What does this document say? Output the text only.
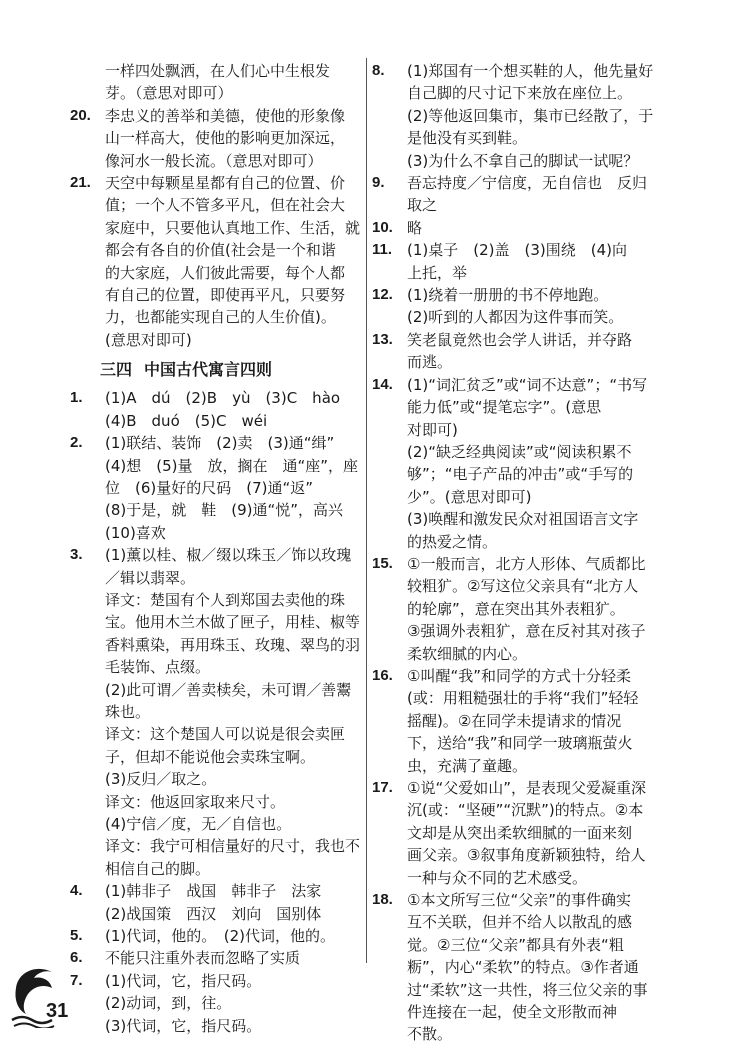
一样四处飘洒，在人们心中生根发
芽。（意思对即可）
20. 李忠义的善举和美德，使他的形象像
山一样高大，使他的影响更加深远，
像河水一般长流。（意思对即可）
21. 天空中每颗星星都有自己的位置、价
值；一个人不管多平凡，但在社会大
家庭中，只要他认真地工作、生活，就
都会有各自的价值(社会是一个和谐
的大家庭，人们彼此需要，每个人都
有自己的位置，即使再平凡，只要努
力，也都能实现自己的人生价值)。
(意思对即可)
三四 中国古代寓言四则
1.	(1)A　dú　(2)B　yù　(3)C　hào
(4)B　duó　(5)C　wéi
2.	(1)联结、装饰　(2)卖　(3)通“缉”
(4)想　(5)量　放，搁在　通“座”，座
位　(6)量好的尺码　(7)通“返”
(8)于是，就　鞋　(9)通“悦”，高兴
(10)喜欢
3.	(1)薰以桂、椒／缀以珠玉／饰以玫瑰
／辑以翡翠。
译文：楚国有个人到郑国去卖他的珠
宝。他用木兰木做了匣子，用桂、椒等
香料熏染，再用珠玉、玫瑰、翠鸟的羽
毛装饰、点缀。
(2)此可谓／善卖椟矣，未可谓／善鬻
珠也。
译文：这个楚国人可以说是很会卖匣
子，但却不能说他会卖珠宝啊。
(3)反归／取之。
译文：他返回家取来尺寸。
(4)宁信／度，无／自信也。
译文：我宁可相信量好的尺寸，我也不
相信自己的脚。
4.	(1)韩非子　战国　韩非子　法家
(2)战国策　西汉　刘向　国别体
5.	(1)代词，他的。　(2)代词，他的。
6.	不能只注重外表而忽略了实质
7.	(1)代词，它，指尺码。
(2)动词，到，往。
(3)代词，它，指尺码。
8.	(1)郑国有一个想买鞋的人，他先量好
自己脚的尺寸记下来放在座位上。
(2)等他返回集市，集市已经散了，于
是他没有买到鞋。
(3)为什么不拿自己的脚试一试呢？
9.	吾忘持度／宁信度，无自信也　反归
取之
10. 略
11. (1)桌子　(2)盖　(3)围绕　(4)向
上托，举
12. (1)绕着一册册的书不停地跑。
(2)听到的人都因为这件事而笑。
13. 笑老鼠竟然也会学人讲话，并夺路
而逃。
14. (1)“词汇贫乏”或“词不达意”；“书写
能力低”或“提笔忘字”。(意思
对即可)
(2)“缺乏经典阅读”或“阅读积累不
够”；“电子产品的冲击”或“手写的
少”。(意思对即可)
(3)唤醒和激发民众对祖国语言文字
的热爱之情。
15. ①一般而言，北方人形体、气质都比
较粗犷。②写这位父亲具有“北方人
的轮廓”，意在突出其外表粗犷。
③强调外表粗犷，意在反衬其对孩子
柔软细腻的内心。
16. ①叫醒“我”和同学的方式十分轻柔
(或：用粗糙强壮的手将“我们”轻轻
摇醒)。②在同学未提请求的情况
下，送给“我”和同学一玻璃瓶萤火
虫，充满了童趣。
17. ①说“父爱如山”，是表现父爱凝重深
沉(或：“坚硬”“沉默”)的特点。②本
文却是从突出柔软细腻的一面来刻
画父亲。③叙事角度新颖独特，给人
一种与众不同的艺术感受。
18. ①本文所写三位“父亲”的事件确实
互不关联，但并不给人以散乱的感
觉。②三位“父亲”都具有外表“粗
粝”，内心“柔软”的特点。③作者通
过“柔软”这一共性，将三位父亲的事
件连接在一起，使全文形散而神
不散。
31
